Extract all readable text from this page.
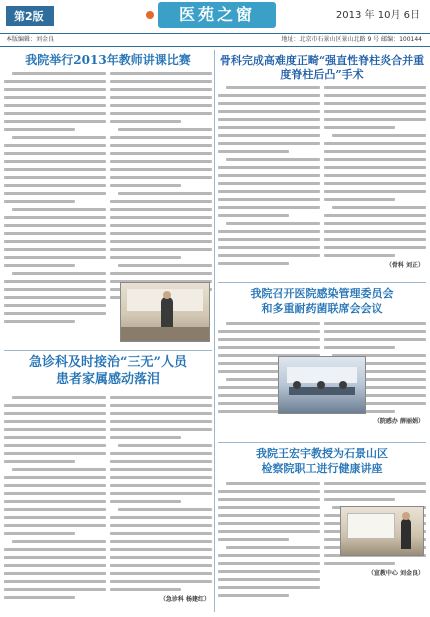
第2版	医苑之窗	2013 年 10月 6日
本版编辑：刘金良	地址：北京市石景山区景山北路 9 号 邮编：100144
我院举行2013年教师讲课比赛
急诊科及时接治“三无”人员
患者家属感动落泪
（急诊科 杨建红）
骨科完成高难度正畸“强直性脊柱炎合并重度脊柱后凸”手术
（骨科 刘正）
我院召开医院感染管理委员会
和多重耐药菌联席会会议
（院感办 薛丽娟）
我院王宏宇教授为石景山区
检察院职工进行健康讲座
（宣教中心 刘金良）
